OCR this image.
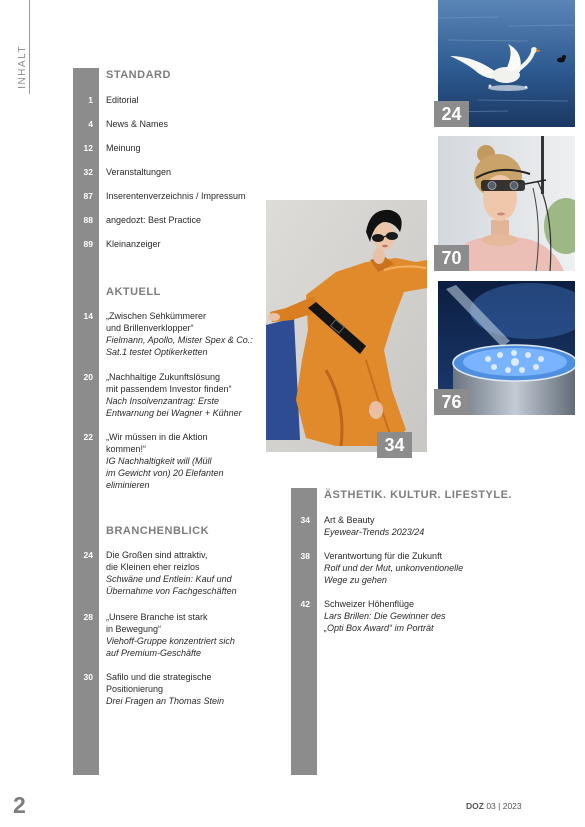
INHALT	STANDARD
1 Editorial
4 News & Names
12 Meinung
32 Veranstaltungen
87 Inserentenverzeichnis / Impressum
88 angedozt: Best Practice
89 Kleinanzeiger
AKTUELL
14 „Zwischen Sehkümmerer
und Brillenverklopper“
Fielmann, Apollo, Mister Spex & Co.:
Sat.1 testet Optikerketten
20 „Nachhaltige Zukunftslösung
mit passendem Investor finden“
Nach Insolvenzantrag: Erste
Entwarnung bei Wagner + Kühner
22 „Wir müssen in die Aktion
kommen!“
IG Nachhaltigkeit will (Müll
im Gewicht von) 20 Elefanten
eliminieren
BRANCHENBLICK
24 Die Großen sind attraktiv,
die Kleinen eher reizlos
Schwäne und Entlein: Kauf und
Übernahme von Fachgeschäften
28 „Unsere Branche ist stark
in Bewegung“
Viehoff-Gruppe konzentriert sich
auf Premium-Geschäfte
30 Safilo und die strategische
Positionierung
Drei Fragen an Thomas Stein
ÄSTHETIK. KULTUR. LIFESTYLE.
34 Art & Beauty
Eyewear-Trends 2023/24
38 Verantwortung für die Zukunft
Rolf und der Mut, unkonventionelle
Wege zu gehen
42 Schweizer Höhenflüge
Lars Brillen: Die Gewinner des
„Opti Box Award“ im Porträt
24
70
76
34
2	DOZ 03 | 2023
